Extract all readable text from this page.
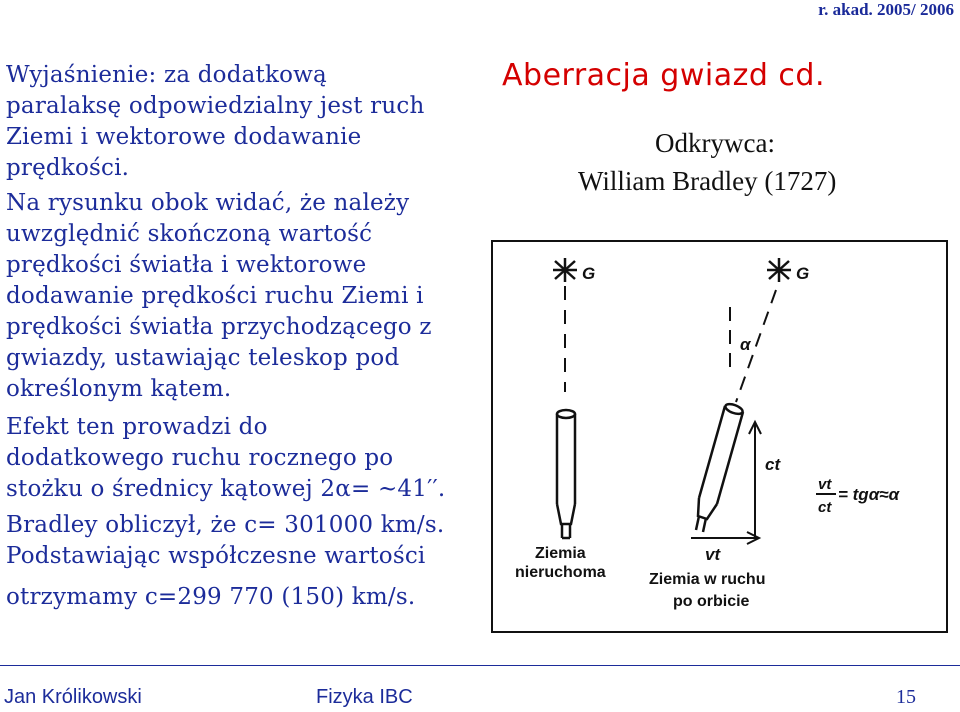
r. akad. 2005/ 2006
Wyjaśnienie: za dodatkową
paralaksę odpowiedzialny jest ruch
Ziemi i wektorowe dodawanie
prędkości.
Na rysunku obok widać, że należy
uwzględnić skończoną wartość
prędkości światła i wektorowe
dodawanie prędkości ruchu Ziemi i
prędkości światła przychodzącego z
gwiazdy, ustawiając teleskop pod
określonym kątem.
Efekt ten prowadzi do
dodatkowego ruchu rocznego po
stożku o średnicy kątowej 2α= ~41′′.
Bradley obliczył, że c= 301000 km/s.
Podstawiając współczesne wartości
otrzymamy c=299 770 (150) km/s.
Aberracja gwiazd cd.
Odkrywca:
William Bradley (1727)
G
Ziemia
nieruchoma
G
α
ct
vt
vt
ct
= tgα≈α
Ziemia w ruchu
po orbicie
Jan Królikowski	Fizyka IBC	15
